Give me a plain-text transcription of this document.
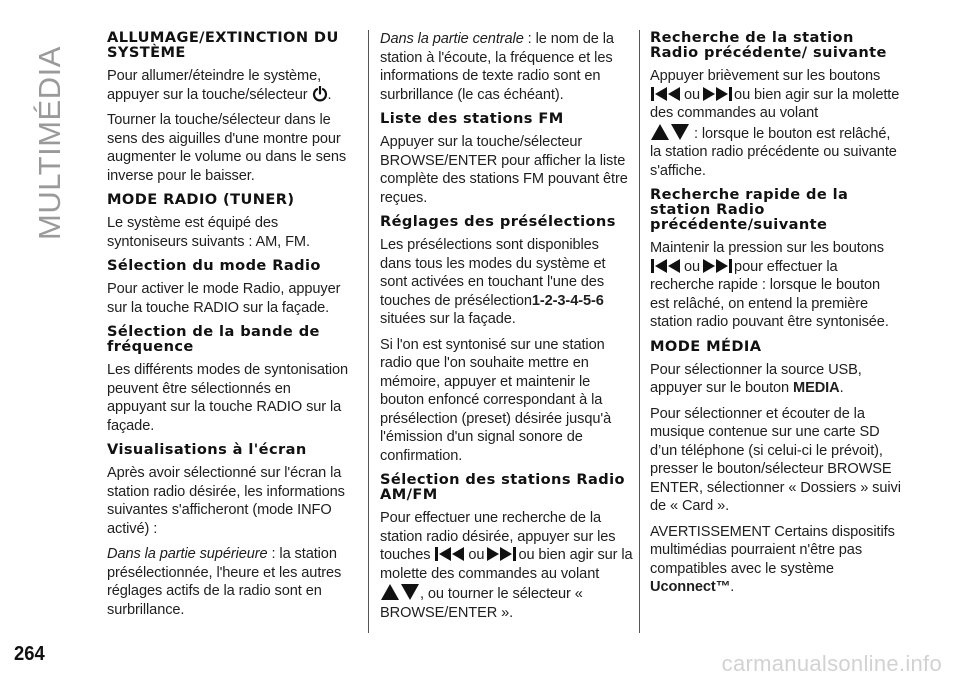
MULTIMÉDIA
264	carmanualsonline.info
ALLUMAGE/EXTINCTION DU SYSTÈME

Pour allumer/éteindre le système, appuyer sur la touche/sélecteur .

Tourner la touche/sélecteur dans le sens des aiguilles d'une montre pour augmenter le volume ou dans le sens inverse pour le baisser.

MODE RADIO (TUNER)

Le système est équipé des syntoniseurs suivants : AM, FM.

Sélection du mode Radio

Pour activer le mode Radio, appuyer sur la touche RADIO sur la façade.

Sélection de la bande de fréquence

Les différents modes de syntonisation peuvent être sélectionnés en appuyant sur la touche RADIO sur la façade.

Visualisations à l'écran

Après avoir sélectionné sur l'écran la station radio désirée, les informations suivantes s'afficheront (mode INFO activé) :

Dans la partie supérieure : la station présélectionnée, l'heure et les autres réglages actifs de la radio sont en surbrillance.

Dans la partie centrale : le nom de la station à l'écoute, la fréquence et les informations de texte radio sont en surbrillance (le cas échéant).

Liste des stations FM

Appuyer sur la touche/sélecteur BROWSE/ENTER pour afficher la liste complète des stations FM pouvant être reçues.

Réglages des présélections

Les présélections sont disponibles dans tous les modes du système et sont activées en touchant l'une des touches de présélection1-2-3-4-5-6 situées sur la façade.

Si l'on est syntonisé sur une station radio que l'on souhaite mettre en mémoire, appuyer et maintenir le bouton enfoncé correspondant à la présélection (preset) désirée jusqu'à l'émission d'un signal sonore de confirmation.

Sélection des stations Radio AM/FM

Pour effectuer une recherche de la station radio désirée, appuyer sur les touches	ou ou bien agir sur la molette des commandes au volant

, ou tourner le sélecteur « BROWSE/ENTER ».

Recherche de la station Radio précédente/ suivante

Appuyer brièvement sur les boutons
ou ou bien agir sur la molette des commandes au volant

: lorsque le bouton est relâché, la station radio précédente ou suivante s'affiche.

Recherche rapide de la station Radio précédente/suivante

Maintenir la pression sur les boutons
ou pour effectuer la recherche rapide : lorsque le bouton est relâché, on entend la première station radio pouvant être syntonisée.

MODE MÉDIA

Pour sélectionner la source USB, appuyer sur le bouton MEDIA.

Pour sélectionner et écouter de la musique contenue sur une carte SD d’un téléphone (si celui-ci le prévoit), presser le bouton/sélecteur BROWSE ENTER, sélectionner « Dossiers » suivi de « Card ».

AVERTISSEMENT Certains dispositifs multimédias pourraient n'être pas compatibles avec le système Uconnect™.
